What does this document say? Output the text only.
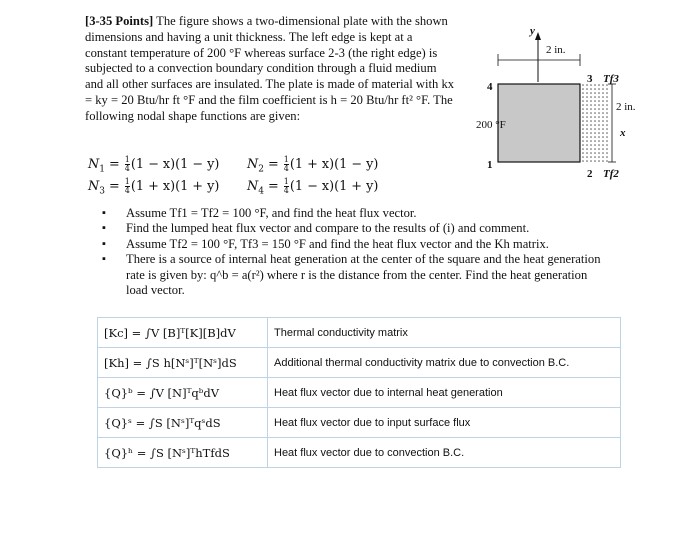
[3-35 Points] The figure shows a two-dimensional plate with the shown dimensions and having a unit thickness. The left edge is kept at a constant temperature of 200 °F whereas surface 2-3 (the right edge) is subjected to a convection boundary condition through a fluid medium and all other surfaces are insulated. The plate is made of material with kx = ky = 20 Btu/hr ft °F and the film coefficient is h = 20 Btu/hr ft² °F. The following nodal shape functions are given:
$N_1 = \frac{1}{4} (1 - x)(1 - y) N_2 = \frac{1}{4} (1 + x)(1 - y)$
$N_3 = \frac{1}{4} (1 + x)(1 + y) N_4 = \frac{1}{4} (1 - x)(1 + y)$
▪ Assume Tf1 = Tf2 = 100 °F, and find the heat flux vector.
▪ Find the lumped heat flux vector and compare to the results of (i) and comment.
▪ Assume Tf2 = 100 °F, Tf3 = 150 °F and find the heat flux vector and the Kh matrix.
▪ There is a source of internal heat generation at the center of the square and the heat generation rate is given by: q^b = a(r²) where r is the distance from the center. Find the heat generation load vector.
[Kc] = ∫V [B]ᵀ[K][B]dV	Thermal conductivity matrix
[Kh] = ∫S h[Nˢ]ᵀ[Nˢ]dS	Additional thermal conductivity matrix due to convection B.C.
{Q}ᵇ = ∫V [N]ᵀqᵇdV	Heat flux vector due to internal heat generation
{Q}ˢ = ∫S [Nˢ]ᵀqˢdS	Heat flux vector due to input surface flux
{Q}ʰ = ∫S [Nˢ]ᵀhTfdS	Heat flux vector due to convection B.C.
y
2 in.
2 in.
x
4
1
3
2
200 °F
Tf3
Tf2
